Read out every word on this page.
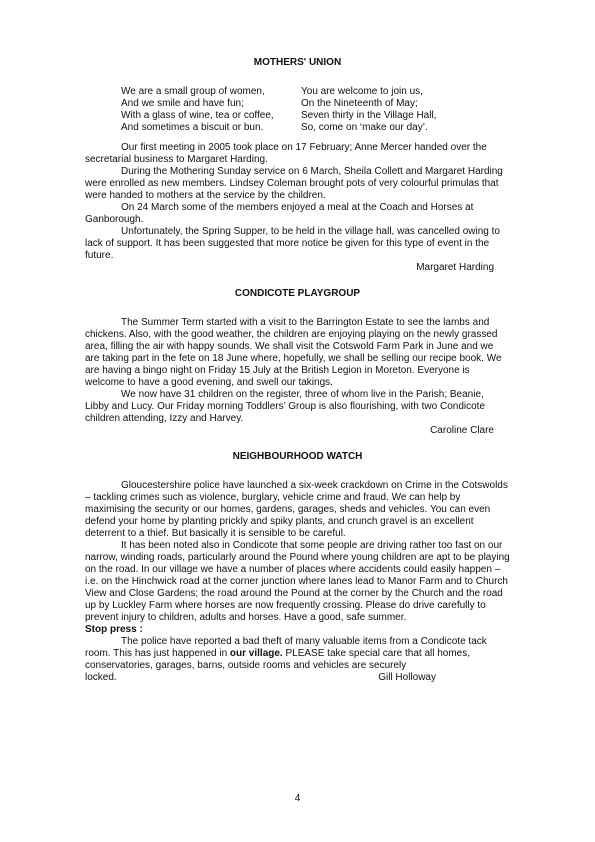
MOTHERS' UNION
We are a small group of women,
And we smile and have fun;
With a glass of wine, tea or coffee,
And sometimes a biscuit or bun.
You are welcome to join us,
On the Nineteenth of May;
Seven thirty in the Village Hall,
So, come on ‘make our day’.

Our first meeting in 2005 took place on 17 February; Anne Mercer handed over the secretarial business to Margaret Harding.

During the Mothering Sunday service on 6 March, Sheila Collett and Margaret Harding were enrolled as new members. Lindsey Coleman brought pots of very colourful primulas that were handed to mothers at the service by the children.

On 24 March some of the members enjoyed a meal at the Coach and Horses at Ganborough.

Unfortunately, the Spring Supper, to be held in the village hall, was cancelled owing to lack of support. It has been suggested that more notice be given for this type of event in the future.

Margaret Harding
CONDICOTE PLAYGROUP

The Summer Term started with a visit to the Barrington Estate to see the lambs and chickens. Also, with the good weather, the children are enjoying playing on the newly grassed area, filling the air with happy sounds. We shall visit the Cotswold Farm Park in June and we are taking part in the fete on 18 June where, hopefully, we shall be selling our recipe book. We are having a bingo night on Friday 15 July at the British Legion in Moreton. Everyone is welcome to have a good evening, and swell our takings.

We now have 31 children on the register, three of whom live in the Parish; Beanie, Libby and Lucy. Our Friday morning Toddlers’ Group is also flourishing, with two Condicote children attending, Izzy and Harvey.

Caroline Clare
NEIGHBOURHOOD WATCH

Gloucestershire police have launched a six-week crackdown on Crime in the Cotswolds – tackling crimes such as violence, burglary, vehicle crime and fraud. We can help by maximising the security or our homes, gardens, garages, sheds and vehicles. You can even defend your home by planting prickly and spiky plants, and crunch gravel is an excellent deterrent to a thief. But basically it is sensible to be careful.

It has been noted also in Condicote that some people are driving rather too fast on our narrow, winding roads, particularly around the Pound where young children are apt to be playing on the road. In our village we have a number of places where accidents could easily happen – i.e. on the Hinchwick road at the corner junction where lanes lead to Manor Farm and to Church View and Close Gardens; the road around the Pound at the corner by the Church and the road up by Luckley Farm where horses are now frequently crossing. Please do drive carefully to prevent injury to children, adults and horses. Have a good, safe summer.

Stop press :

The police have reported a bad theft of many valuable items from a Condicote tack room. This has just happened in our village. PLEASE take special care that all homes, conservatories, garages, barns, outside rooms and vehicles are securely

locked.	Gill Holloway
4
